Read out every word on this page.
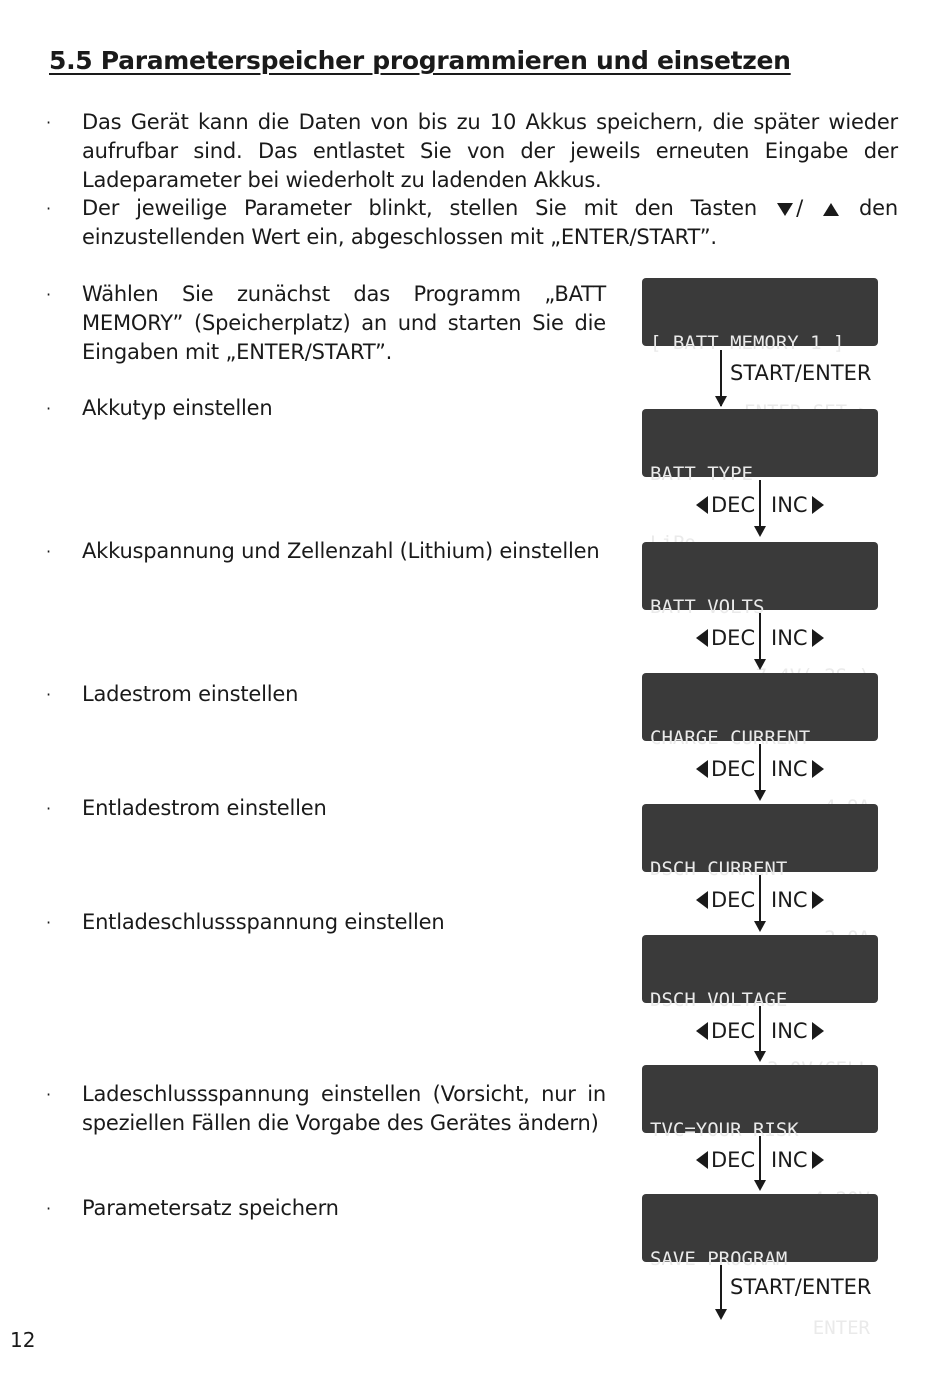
5.5 Parameterspeicher programmieren und einsetzen
· Das Gerät kann die Daten von bis zu 10 Akkus speichern, die später wieder aufrufbar sind. Das entlastet Sie von der jeweils erneuten Eingabe der Ladeparameter bei wiederholt zu ladenden Akkus.

· Der jeweilige Parameter blinkt, stellen Sie mit den Tasten /	den einzustellenden Wert ein, abgeschlossen mit „ENTER/START”.

· Wählen Sie zunächst das Programm „BATT MEMORY” (Speicherplatz) an und starten Sie die Eingaben mit „ENTER/START”.

· Akkutyp einstellen

· Akkuspannung und Zellenzahl (Lithium) einstellen

· Ladestrom einstellen

· Entladestrom einstellen

· Entladeschlussspannung einstellen

· Ladeschlussspannung einstellen (Vorsicht, nur in speziellen Fällen die Vorgabe des Gerätes ändern)

· Parametersatz speichern

[ BATT MEMORY 1 ]

BATT TYPE

BATT VOLTS

CHARGE CURRENT

DSCH CURRENT

DSCH VOLTAGE

TVC=YOUR RISK

SAVE PROGRAM

ENTER

START/ENTER
DEC INC
DEC INC
DEC INC
DEC INC
DEC INC
DEC INC
START/ENTER
12
